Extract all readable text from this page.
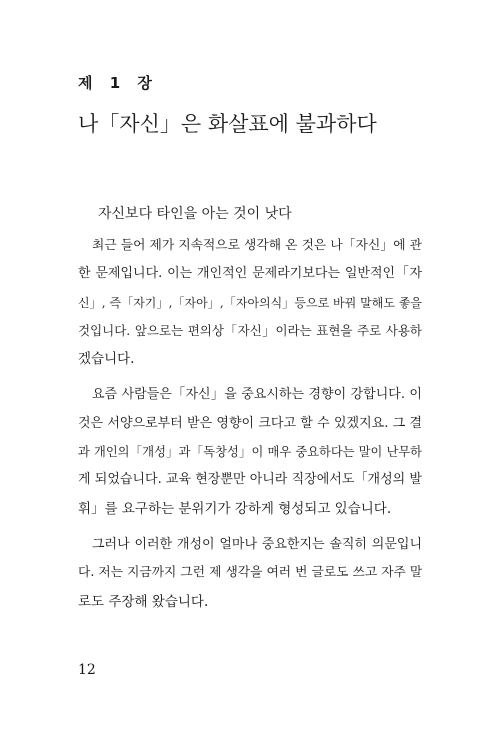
제 1 장
나「자신」은 화살표에 불과하다
자신보다 타인을 아는 것이 낫다

최근 들어 제가 지속적으로 생각해 온 것은 나「자신」에 관
한 문제입니다. 이는 개인적인 문제라기보다는 일반적인「자
신」, 즉「자기」,「자아」,「자아의식」등으로 바꿔 말해도 좋을
것입니다. 앞으로는 편의상「자신」이라는 표현을 주로 사용하
겠습니다.

요즘 사람들은「자신」을 중요시하는 경향이 강합니다. 이
것은 서양으로부터 받은 영향이 크다고 할 수 있겠지요. 그 결
과 개인의「개성」과「독창성」이 매우 중요하다는 말이 난무하
게 되었습니다. 교육 현장뿐만 아니라 직장에서도「개성의 발
휘」를 요구하는 분위기가 강하게 형성되고 있습니다.

그러나 이러한 개성이 얼마나 중요한지는 솔직히 의문입니
다. 저는 지금까지 그런 제 생각을 여러 번 글로도 쓰고 자주 말
로도 주장해 왔습니다.

12
